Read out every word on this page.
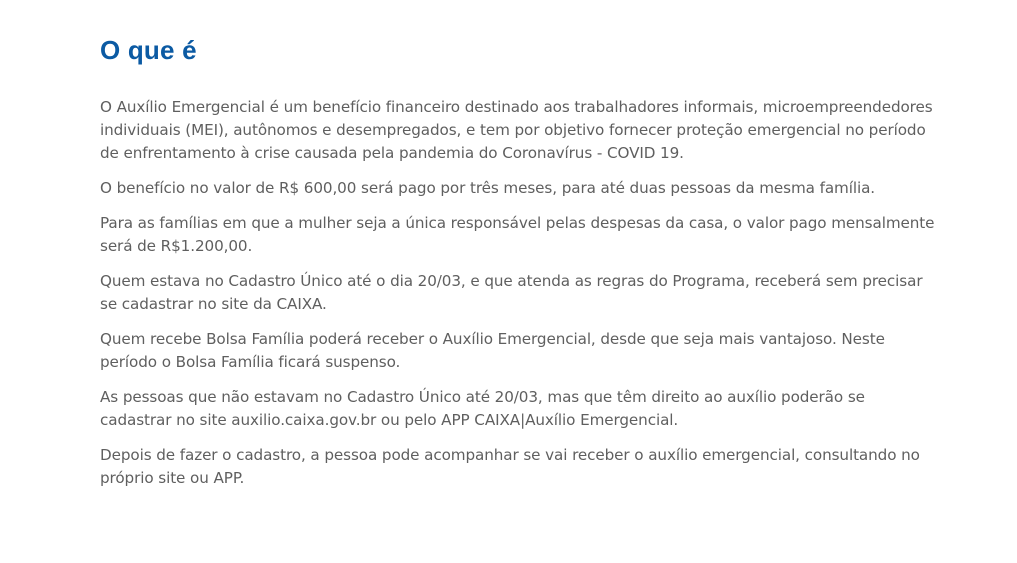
O que é

O Auxílio Emergencial é um benefício financeiro destinado aos trabalhadores informais, microempreendedores individuais (MEI), autônomos e desempregados, e tem por objetivo fornecer proteção emergencial no período de enfrentamento à crise causada pela pandemia do Coronavírus - COVID 19.

O benefício no valor de R$ 600,00 será pago por três meses, para até duas pessoas da mesma família.

Para as famílias em que a mulher seja a única responsável pelas despesas da casa, o valor pago mensalmente será de R$1.200,00.

Quem estava no Cadastro Único até o dia 20/03, e que atenda as regras do Programa, receberá sem precisar se cadastrar no site da CAIXA.

Quem recebe Bolsa Família poderá receber o Auxílio Emergencial, desde que seja mais vantajoso. Neste período o Bolsa Família ficará suspenso.

As pessoas que não estavam no Cadastro Único até 20/03, mas que têm direito ao auxílio poderão se cadastrar no site auxilio.caixa.gov.br ou pelo APP CAIXA|Auxílio Emergencial.

Depois de fazer o cadastro, a pessoa pode acompanhar se vai receber o auxílio emergencial, consultando no próprio site ou APP.
